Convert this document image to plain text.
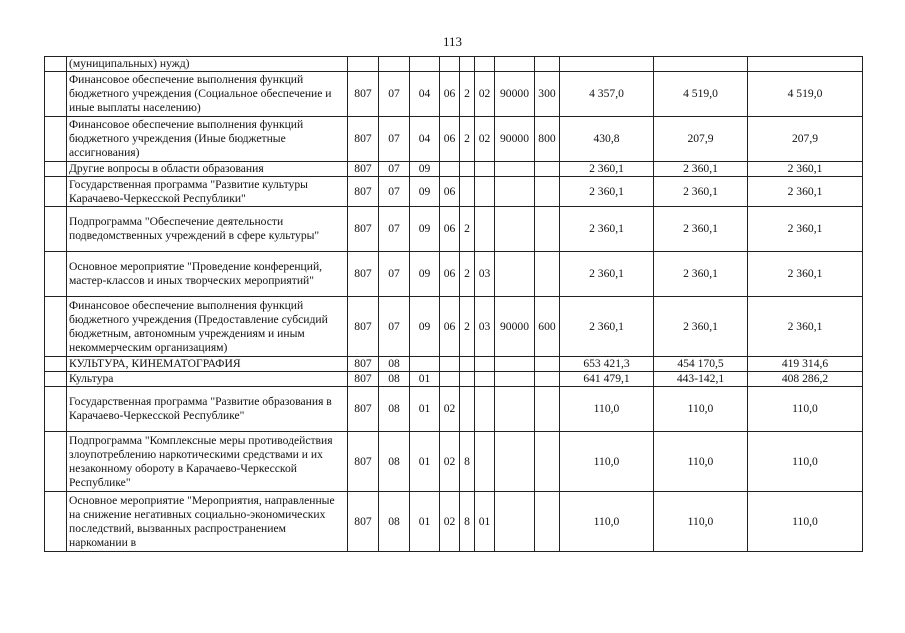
113
	(муниципальных) нужд)											
	Финансовое обеспечение выполнения функций бюджетного учреждения (Социальное обеспечение и иные выплаты населению)	807	07	04	06	2	02	90000	300	4 357,0	4 519,0	4 519,0
	Финансовое обеспечение выполнения функций бюджетного учреждения (Иные бюджетные ассигнования)	807	07	04	06	2	02	90000	800	430,8	207,9	207,9
	Другие вопросы в области образования	807	07	09						2 360,1	2 360,1	2 360,1
	Государственная программа "Развитие культуры Карачаево-Черкесской Республики"	807	07	09	06					2 360,1	2 360,1	2 360,1
	Подпрограмма "Обеспечение деятельности подведомственных учреждений в сфере культуры"	807	07	09	06	2				2 360,1	2 360,1	2 360,1
	Основное мероприятие "Проведение конференций, мастер-классов и иных творческих мероприятий"	807	07	09	06	2	03			2 360,1	2 360,1	2 360,1
	Финансовое обеспечение выполнения функций бюджетного учреждения (Предоставление субсидий бюджетным, автономным учреждениям и иным некоммерческим организациям)	807	07	09	06	2	03	90000	600	2 360,1	2 360,1	2 360,1
	КУЛЬТУРА, КИНЕМАТОГРАФИЯ	807	08							653 421,3	454 170,5	419 314,6
	Культура	807	08	01						641 479,1	443-142,1	408 286,2
	Государственная программа "Развитие образования в Карачаево-Черкесской Республике"	807	08	01	02					110,0	110,0	110,0
	Подпрограмма "Комплексные меры противодействия злоупотреблению наркотическими средствами и их незаконному обороту в Карачаево-Черкесской Республике"	807	08	01	02	8				110,0	110,0	110,0
	Основное мероприятие "Мероприятия, направленные на снижение негативных социально-экономических последствий, вызванных распространением наркомании в	807	08	01	02	8	01			110,0	110,0	110,0
